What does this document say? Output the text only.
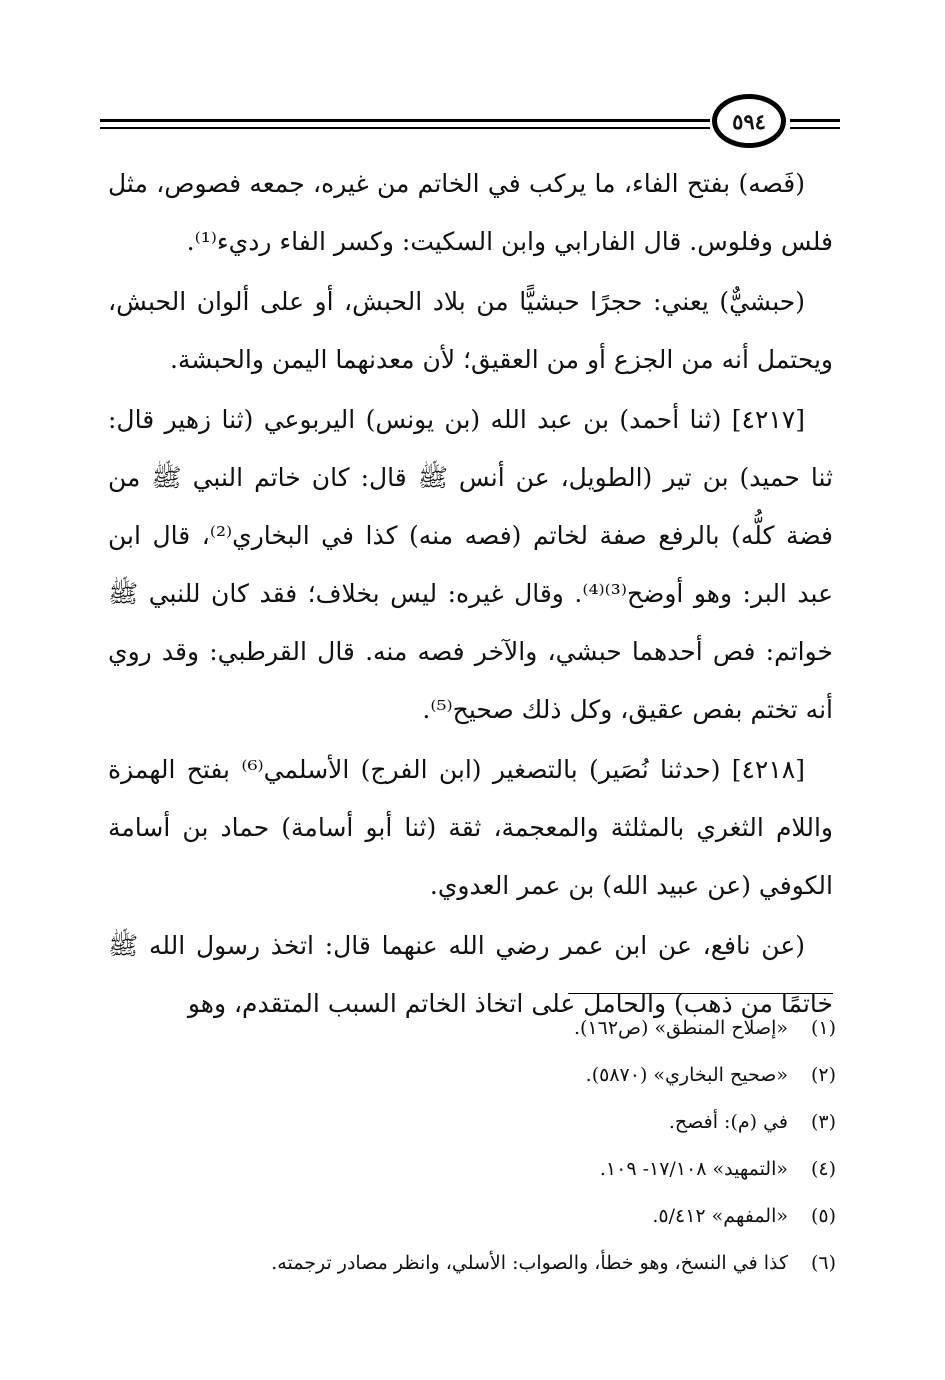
٥٩٤

(فَصه) بفتح الفاء، ما يركب في الخاتم من غيره، جمعه فصوص، مثل فلس وفلوس. قال الفارابي وابن السكيت: وكسر الفاء رديء⁽¹⁾.

(حبشيٌّ) يعني: حجرًا حبشيًّا من بلاد الحبش، أو على ألوان الحبش، ويحتمل أنه من الجزع أو من العقيق؛ لأن معدنهما اليمن والحبشة.

[٤٢١٧] (ثنا أحمد) بن عبد الله (بن يونس) اليربوعي (ثنا زهير قال: ثنا حميد) بن تير (الطويل، عن أنس ﷺ قال: كان خاتم النبي ﷺ من فضة كلُّه) بالرفع صفة لخاتم (فصه منه) كذا في البخاري⁽²⁾، قال ابن عبد البر: وهو أوضح⁽³⁾⁽⁴⁾. وقال غيره: ليس بخلاف؛ فقد كان للنبي ﷺ خواتم: فص أحدهما حبشي، والآخر فصه منه. قال القرطبي: وقد روي أنه تختم بفص عقيق، وكل ذلك صحيح⁽⁵⁾.

[٤٢١٨] (حدثنا نُصَير) بالتصغير (ابن الفرج) الأسلمي⁽⁶⁾ بفتح الهمزة واللام الثغري بالمثلثة والمعجمة، ثقة (ثنا أبو أسامة) حماد بن أسامة الكوفي (عن عبيد الله) بن عمر العدوي.

(عن نافع، عن ابن عمر رضي الله عنهما قال: اتخذ رسول الله ﷺ خاتمًا من ذهب) والحامل على اتخاذ الخاتم السبب المتقدم، وهو

(١)
«إصلاح المنطق» (ص١٦٢).
(٢)
«صحيح البخاري» (٥٨٧٠).
(٣)
في (م): أفصح.
(٤)
«التمهيد» ١٧/١٠٨- ١٠٩.
(٥)
«المفهم» ٥/٤١٢.
(٦)
كذا في النسخ، وهو خطأ، والصواب: الأسلي، وانظر مصادر ترجمته.
